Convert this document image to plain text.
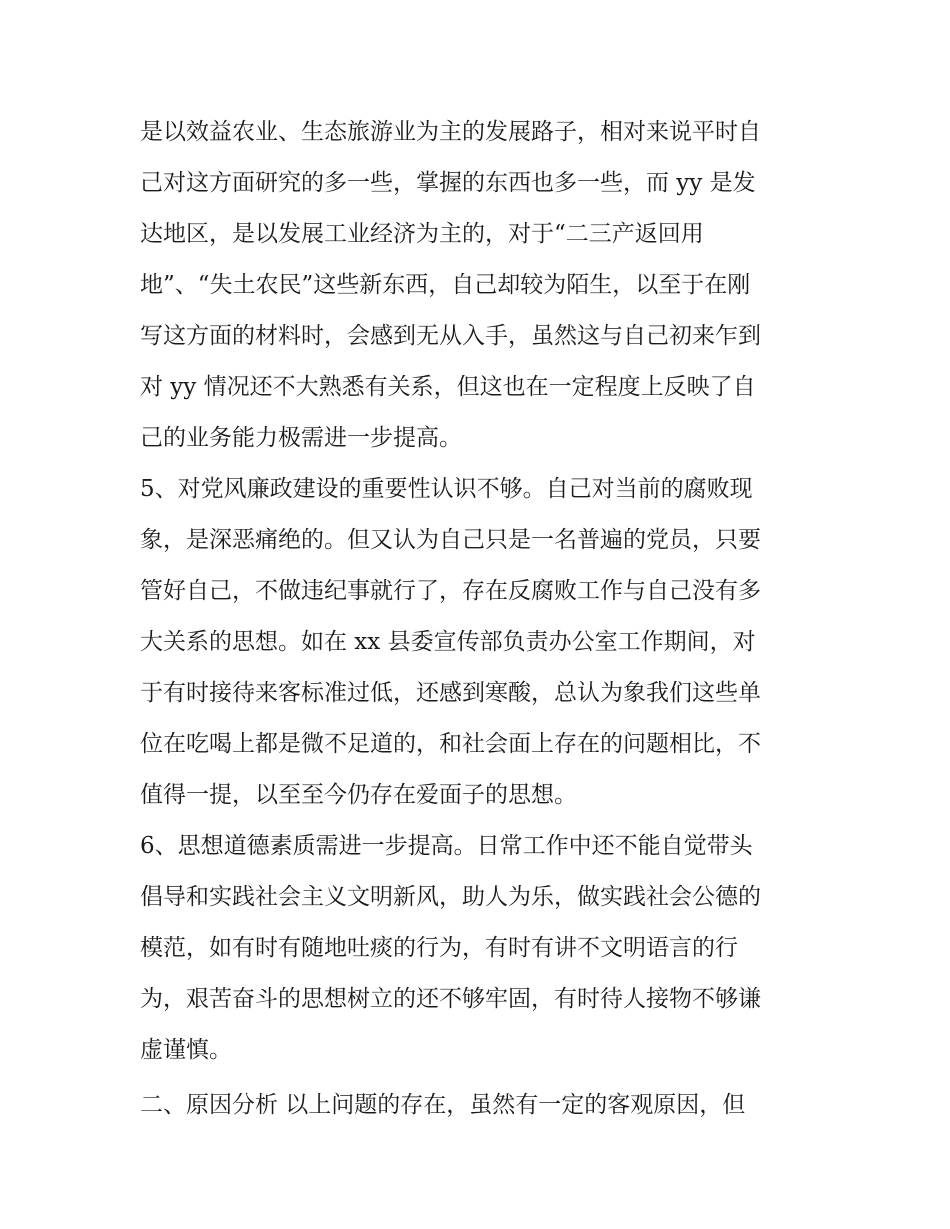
是以效益农业、生态旅游业为主的发展路子，相对来说平时自
己对这方面研究的多一些，掌握的东西也多一些，而 yy 是发
达地区，是以发展工业经济为主的，对于“二三产返回用
地”、“失土农民”这些新东西，自己却较为陌生，以至于在刚
写这方面的材料时，会感到无从入手，虽然这与自己初来乍到
对 yy 情况还不大熟悉有关系，但这也在一定程度上反映了自
己的业务能力极需进一步提高。
5、对党风廉政建设的重要性认识不够。自己对当前的腐败现
象，是深恶痛绝的。但又认为自己只是一名普遍的党员，只要
管好自己，不做违纪事就行了，存在反腐败工作与自己没有多
大关系的思想。如在 xx 县委宣传部负责办公室工作期间，对
于有时接待来客标准过低，还感到寒酸，总认为象我们这些单
位在吃喝上都是微不足道的，和社会面上存在的问题相比，不
值得一提，以至至今仍存在爱面子的思想。
6、思想道德素质需进一步提高。日常工作中还不能自觉带头
倡导和实践社会主义文明新风，助人为乐，做实践社会公德的
模范，如有时有随地吐痰的行为，有时有讲不文明语言的行
为，艰苦奋斗的思想树立的还不够牢固，有时待人接物不够谦
虚谨慎。
二、原因分析 以上问题的存在，虽然有一定的客观原因，但
